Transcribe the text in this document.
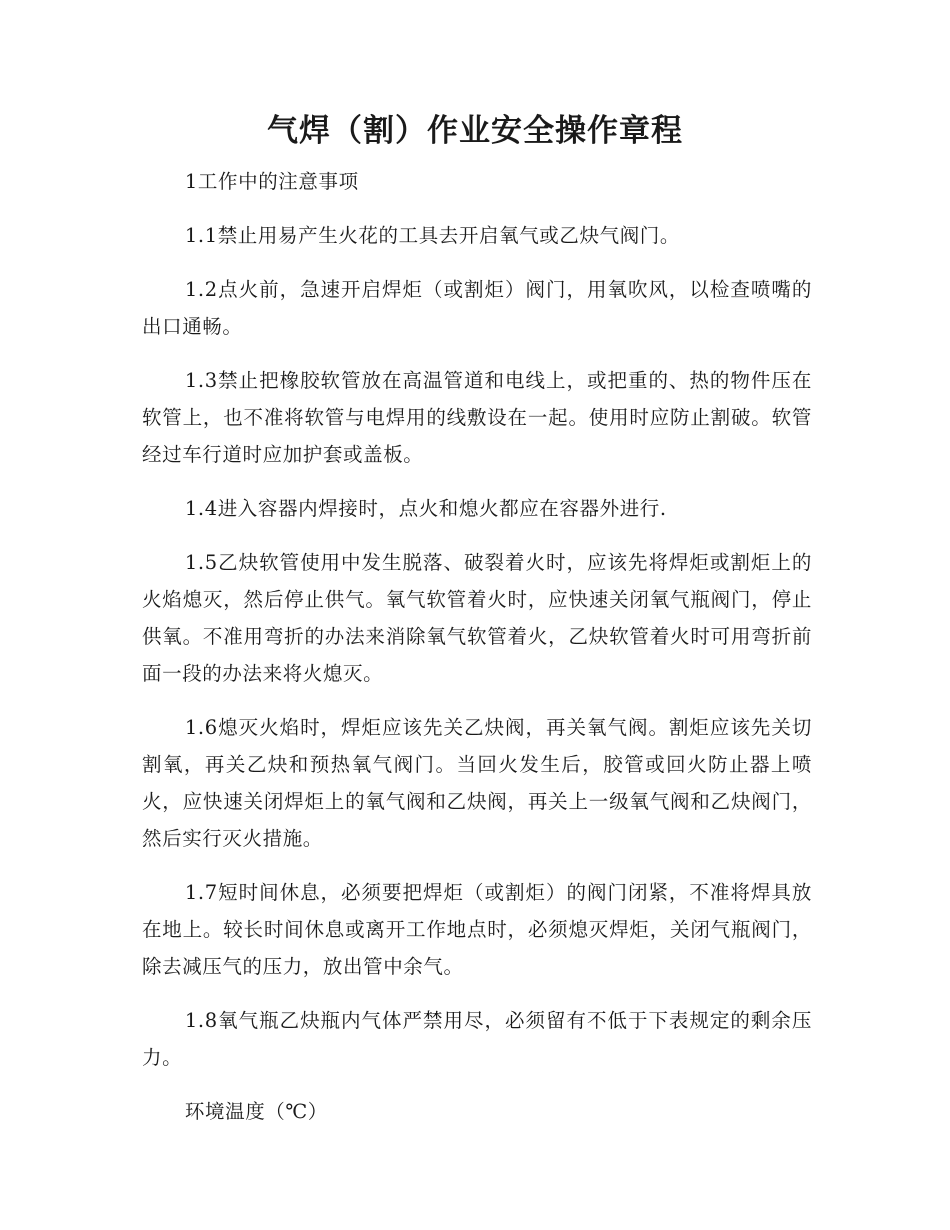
气焊（割）作业安全操作章程

1工作中的注意事项

1.1禁止用易产生火花的工具去开启氧气或乙炔气阀门。

1.2点火前，急速开启焊炬（或割炬）阀门，用氧吹风，以检查喷嘴的出口通畅。

1.3禁止把橡胶软管放在高温管道和电线上，或把重的、热的物件压在软管上，也不准将软管与电焊用的线敷设在一起。使用时应防止割破。软管经过车行道时应加护套或盖板。

1.4进入容器内焊接时，点火和熄火都应在容器外进行.

1.5乙炔软管使用中发生脱落、破裂着火时，应该先将焊炬或割炬上的火焰熄灭，然后停止供气。氧气软管着火时，应快速关闭氧气瓶阀门，停止供氧。不准用弯折的办法来消除氧气软管着火，乙炔软管着火时可用弯折前面一段的办法来将火熄灭。

1.6熄灭火焰时，焊炬应该先关乙炔阀，再关氧气阀。割炬应该先关切割氧，再关乙炔和预热氧气阀门。当回火发生后，胶管或回火防止器上喷火，应快速关闭焊炬上的氧气阀和乙炔阀，再关上一级氧气阀和乙炔阀门，然后实行灭火措施。

1.7短时间休息，必须要把焊炬（或割炬）的阀门闭紧，不准将焊具放在地上。较长时间休息或离开工作地点时，必须熄灭焊炬，关闭气瓶阀门，除去减压气的压力，放出管中余气。

1.8氧气瓶乙炔瓶内气体严禁用尽，必须留有不低于下表规定的剩余压力。

环境温度（℃）
